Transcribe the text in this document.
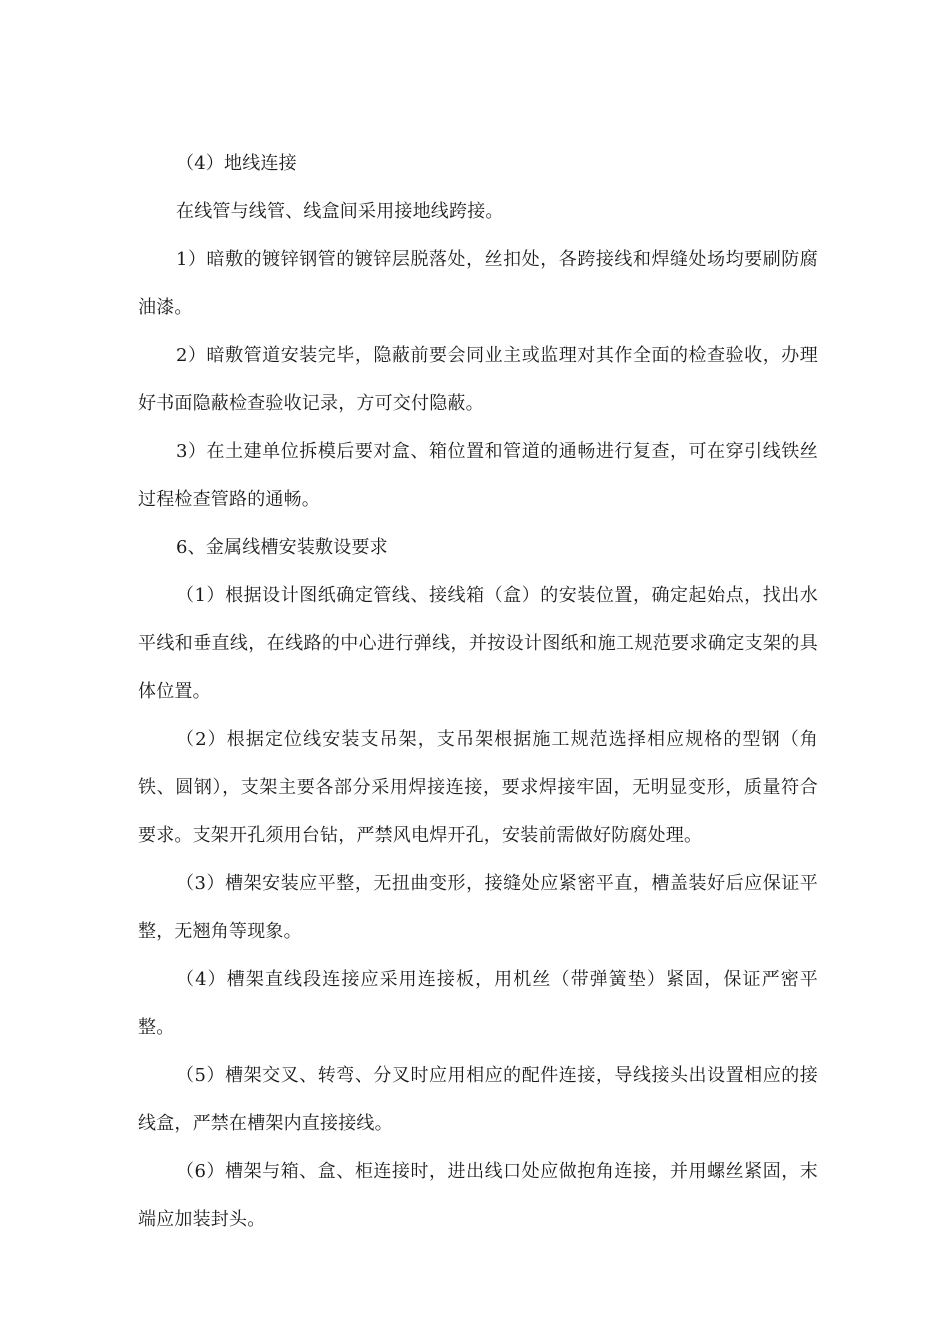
（4）地线连接

在线管与线管、线盒间采用接地线跨接。

1）暗敷的镀锌钢管的镀锌层脱落处，丝扣处，各跨接线和焊缝处场均要刷防腐油漆。

2）暗敷管道安装完毕，隐蔽前要会同业主或监理对其作全面的检查验收，办理好书面隐蔽检查验收记录，方可交付隐蔽。

3）在土建单位拆模后要对盒、箱位置和管道的通畅进行复查，可在穿引线铁丝过程检查管路的通畅。

6、金属线槽安装敷设要求

（1）根据设计图纸确定管线、接线箱（盒）的安装位置，确定起始点，找出水平线和垂直线，在线路的中心进行弹线，并按设计图纸和施工规范要求确定支架的具体位置。

（2）根据定位线安装支吊架，支吊架根据施工规范选择相应规格的型钢（角铁、圆钢），支架主要各部分采用焊接连接，要求焊接牢固，无明显变形，质量符合要求。支架开孔须用台钻，严禁风电焊开孔，安装前需做好防腐处理。

（3）槽架安装应平整，无扭曲变形，接缝处应紧密平直，槽盖装好后应保证平整，无翘角等现象。

（4）槽架直线段连接应采用连接板，用机丝（带弹簧垫）紧固，保证严密平整。

（5）槽架交叉、转弯、分叉时应用相应的配件连接，导线接头出设置相应的接线盒，严禁在槽架内直接接线。

（6）槽架与箱、盒、柜连接时，进出线口处应做抱角连接，并用螺丝紧固，末端应加装封头。
